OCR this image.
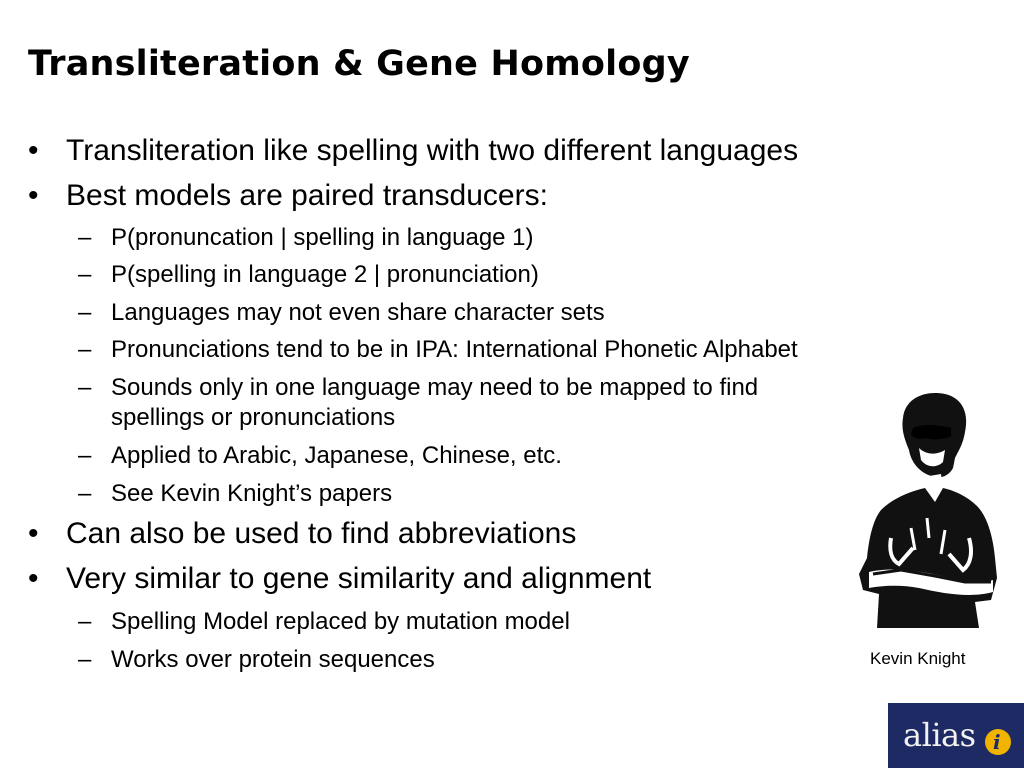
Transliteration & Gene Homology
• Transliteration like spelling with two different languages
• Best models are paired transducers:
– P(pronuncation | spelling in language 1)
– P(spelling in language 2 | pronunciation)
– Languages may not even share character sets
– Pronunciations tend to be in IPA: International Phonetic Alphabet
– Sounds only in one language may need to be mapped to find
spellings or pronunciations
– Applied to Arabic, Japanese, Chinese, etc.
– See Kevin Knight’s papers
• Can also be used to find abbreviations
• Very similar to gene similarity and alignment
– Spelling Model replaced by mutation model
– Works over protein sequences	Kevin Knight
alias i
